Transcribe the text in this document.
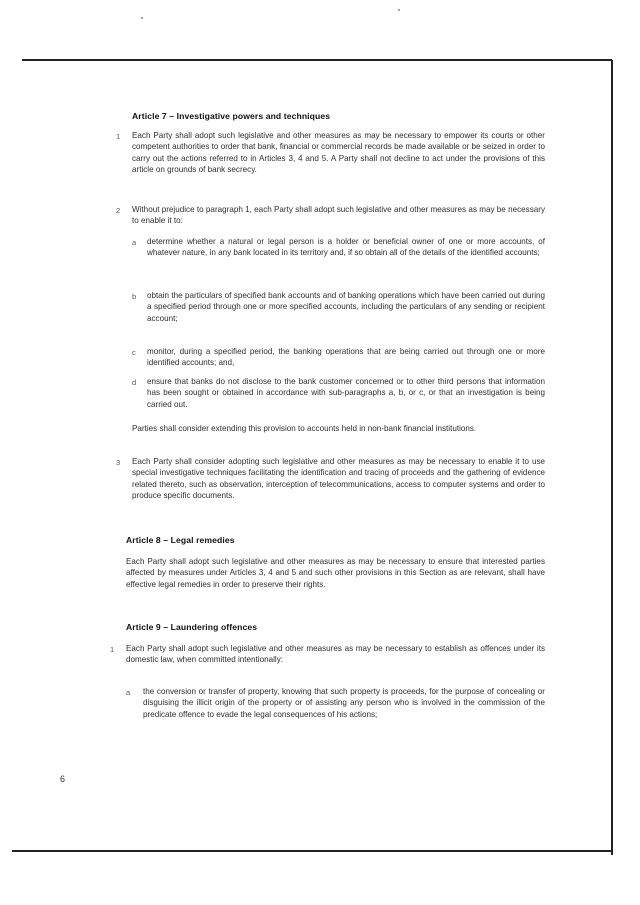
Article 7 – Investigative powers and techniques
1 Each Party shall adopt such legislative and other measures as may be necessary to empower its courts or other competent authorities to order that bank, financial or commercial records be made available or be seized in order to carry out the actions referred to in Articles 3, 4 and 5. A Party shall not decline to act under the provisions of this article on grounds of bank secrecy.

2 Without prejudice to paragraph 1, each Party shall adopt such legislative and other measures as may be necessary to enable it to:

a determine whether a natural or legal person is a holder or beneficial owner of one or more accounts, of whatever nature, in any bank located in its territory and, if so obtain all of the details of the identified accounts;

b obtain the particulars of specified bank accounts and of banking operations which have been carried out during a specified period through one or more specified accounts, including the particulars of any sending or recipient account;

c monitor, during a specified period, the banking operations that are being carried out through one or more identified accounts; and,

d ensure that banks do not disclose to the bank customer concerned or to other third persons that information has been sought or obtained in accordance with sub-paragraphs a, b, or c, or that an investigation is being carried out.

Parties shall consider extending this provision to accounts held in non-bank financial institutions.

3 Each Party shall consider adopting such legislative and other measures as may be necessary to enable it to use special investigative techniques facilitating the identification and tracing of proceeds and the gathering of evidence related thereto, such as observation, interception of telecommunications, access to computer systems and order to produce specific documents.

Article 8 – Legal remedies

Each Party shall adopt such legislative and other measures as may be necessary to ensure that interested parties affected by measures under Articles 3, 4 and 5 and such other provisions in this Section as are relevant, shall have effective legal remedies in order to preserve their rights.

Article 9 – Laundering offences
1 Each Party shall adopt such legislative and other measures as may be necessary to establish as offences under its domestic law, when committed intentionally:

a the conversion or transfer of property, knowing that such property is proceeds, for the purpose of concealing or disguising the illicit origin of the property or of assisting any person who is involved in the commission of the predicate offence to evade the legal consequences of his actions;

6
